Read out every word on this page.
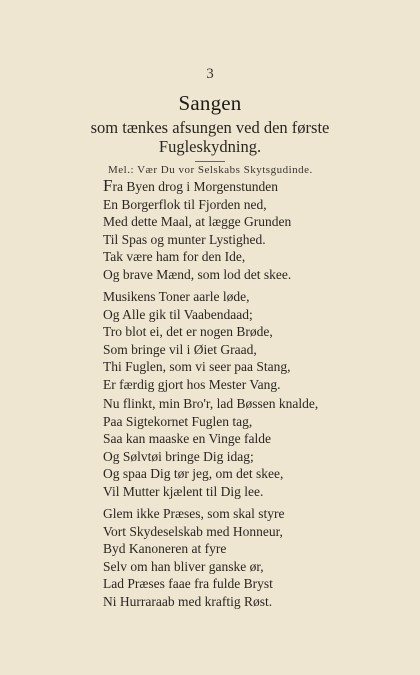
3
Sangen
som tænkes afsungen ved den første
Fugleskydning.
Mel.: Vær Du vor Selskabs Skytsgudinde.
Fra Byen drog i Morgenstunden
En Borgerflok til Fjorden ned,
Med dette Maal, at lægge Grunden
Til Spas og munter Lystighed.
Tak være ham for den Ide,
Og brave Mænd, som lod det skee.
Musikens Toner aarle løde,
Og Alle gik til Vaabendaad;
Tro blot ei, det er nogen Brøde,
Som bringe vil i Øiet Graad,
Thi Fuglen, som vi seer paa Stang,
Er færdig gjort hos Mester Vang.
Nu flinkt, min Bro'r, lad Bøssen knalde,
Paa Sigtekornet Fuglen tag,
Saa kan maaske en Vinge falde
Og Sølvtøi bringe Dig idag;
Og spaa Dig tør jeg, om det skee,
Vil Mutter kjælent til Dig lee.
Glem ikke Præses, som skal styre
Vort Skydeselskab med Honneur,
Byd Kanoneren at fyre
Selv om han bliver ganske ør,
Lad Præses faae fra fulde Bryst
Ni Hurraraab med kraftig Røst.
